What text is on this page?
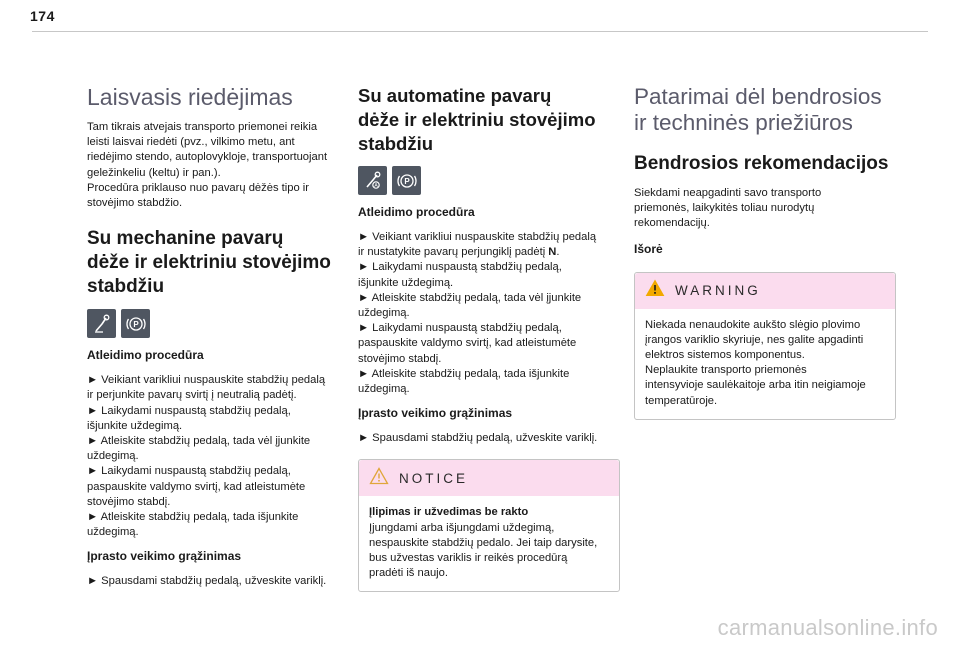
174
Laisvasis riedėjimas
Tam tikrais atvejais transporto priemonei reikia
leisti laisvai riedėti (pvz., vilkimo metu, ant
riedėjimo stendo, autoplovykloje, transportuojant
geležinkeliu (keltu) ir pan.).
Procedūra priklauso nuo pavarų dėžės tipo ir
stovėjimo stabdžio.
Su mechanine pavarų
dėže ir elektriniu stovėjimo
stabdžiu
P
Atleidimo procedūra
► Veikiant varikliui nuspauskite stabdžių pedalą
ir perjunkite pavarų svirtį į neutralią padėtį.
► Laikydami nuspaustą stabdžių pedalą,
išjunkite uždegimą.
► Atleiskite stabdžių pedalą, tada vėl įjunkite
uždegimą.
► Laikydami nuspaustą stabdžių pedalą,
paspauskite valdymo svirtį, kad atleistumėte
stovėjimo stabdį.
► Atleiskite stabdžių pedalą, tada išjunkite
uždegimą.
Įprasto veikimo grąžinimas
► Spausdami stabdžių pedalą, užveskite variklį.
Su automatine pavarų
dėže ir elektriniu stovėjimo
stabdžiu
A	P
Atleidimo procedūra
► Veikiant varikliui nuspauskite stabdžių pedalą
ir nustatykite pavarų perjungiklį padėtį N.
► Laikydami nuspaustą stabdžių pedalą,
išjunkite uždegimą.
► Atleiskite stabdžių pedalą, tada vėl įjunkite
uždegimą.
► Laikydami nuspaustą stabdžių pedalą,
paspauskite valdymo svirtį, kad atleistumėte
stovėjimo stabdį.
► Atleiskite stabdžių pedalą, tada išjunkite
uždegimą.
Įprasto veikimo grąžinimas
► Spausdami stabdžių pedalą, užveskite variklį.
NOTICE
Įlipimas ir užvedimas be rakto
Įjungdami arba išjungdami uždegimą,
nespauskite stabdžių pedalo. Jei taip darysite,
bus užvestas variklis ir reikės procedūrą
pradėti iš naujo.
Patarimai dėl bendrosios
ir techninės priežiūros
Bendrosios rekomendacijos
Siekdami neapgadinti savo transporto
priemonės, laikykitės toliau nurodytų
rekomendacijų.
Išorė
WARNING
Niekada nenaudokite aukšto slėgio plovimo
įrangos variklio skyriuje, nes galite apgadinti
elektros sistemos komponentus.
Neplaukite transporto priemonės
intensyvioje saulėkaitoje arba itin neigiamoje
temperatūroje.
carmanualsonline.info
